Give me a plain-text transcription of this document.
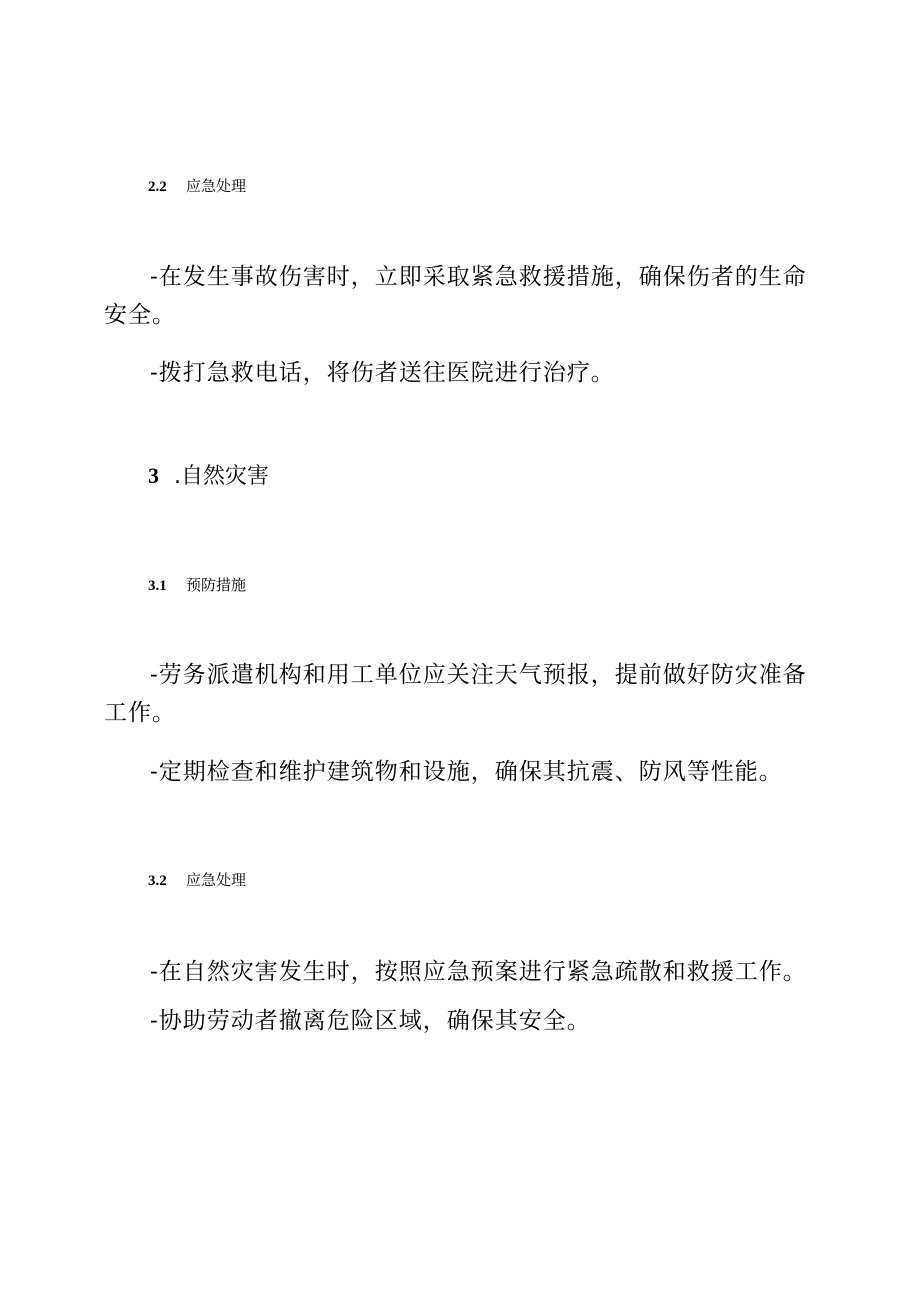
2.2 应急处理

-在发生事故伤害时，立即采取紧急救援措施，确保伤者的生命安全。

-拨打急救电话，将伤者送往医院进行治疗。

3 .自然灾害
3.1 预防措施

-劳务派遣机构和用工单位应关注天气预报，提前做好防灾准备工作。

-定期检查和维护建筑物和设施，确保其抗震、防风等性能。

3.2 应急处理

-在自然灾害发生时，按照应急预案进行紧急疏散和救援工作。

-协助劳动者撤离危险区域，确保其安全。
